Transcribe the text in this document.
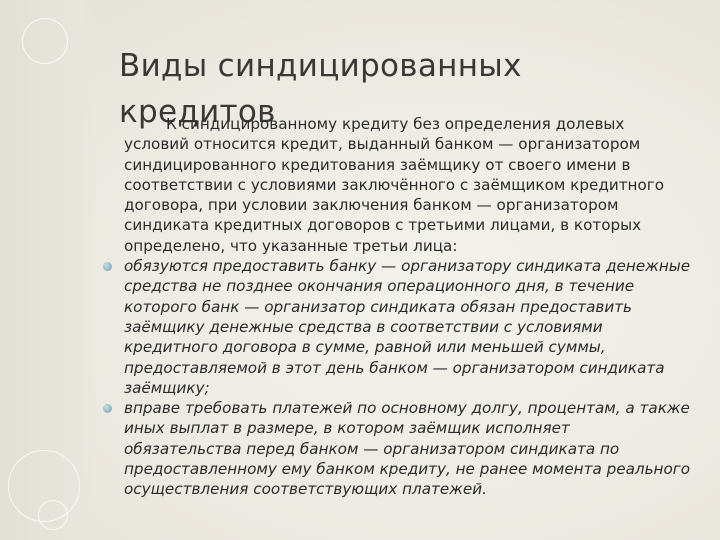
Виды синдицированных кредитов

К синдицированному кредиту без определения долевых условий относится кредит, выданный банком — организатором синдицированного кредитования заёмщику от своего имени в соответствии с условиями заключённого с заёмщиком кредитного договора, при условии заключения банком — организатором синдиката кредитных договоров с третьими лицами, в которых определено, что указанные третьи лица:

обязуются предоставить банку — организатору синдиката денежные средства не позднее окончания операционного дня, в течение которого банк — организатор синдиката обязан предоставить заёмщику денежные средства в соответствии с условиями кредитного договора в сумме, равной или меньшей суммы, предоставляемой в этот день банком — организатором синдиката заёмщику;

вправе требовать платежей по основному долгу, процентам, а также иных выплат в размере, в котором заёмщик исполняет обязательства перед банком — организатором синдиката по предоставленному ему банком кредиту, не ранее момента реального осуществления соответствующих платежей.
